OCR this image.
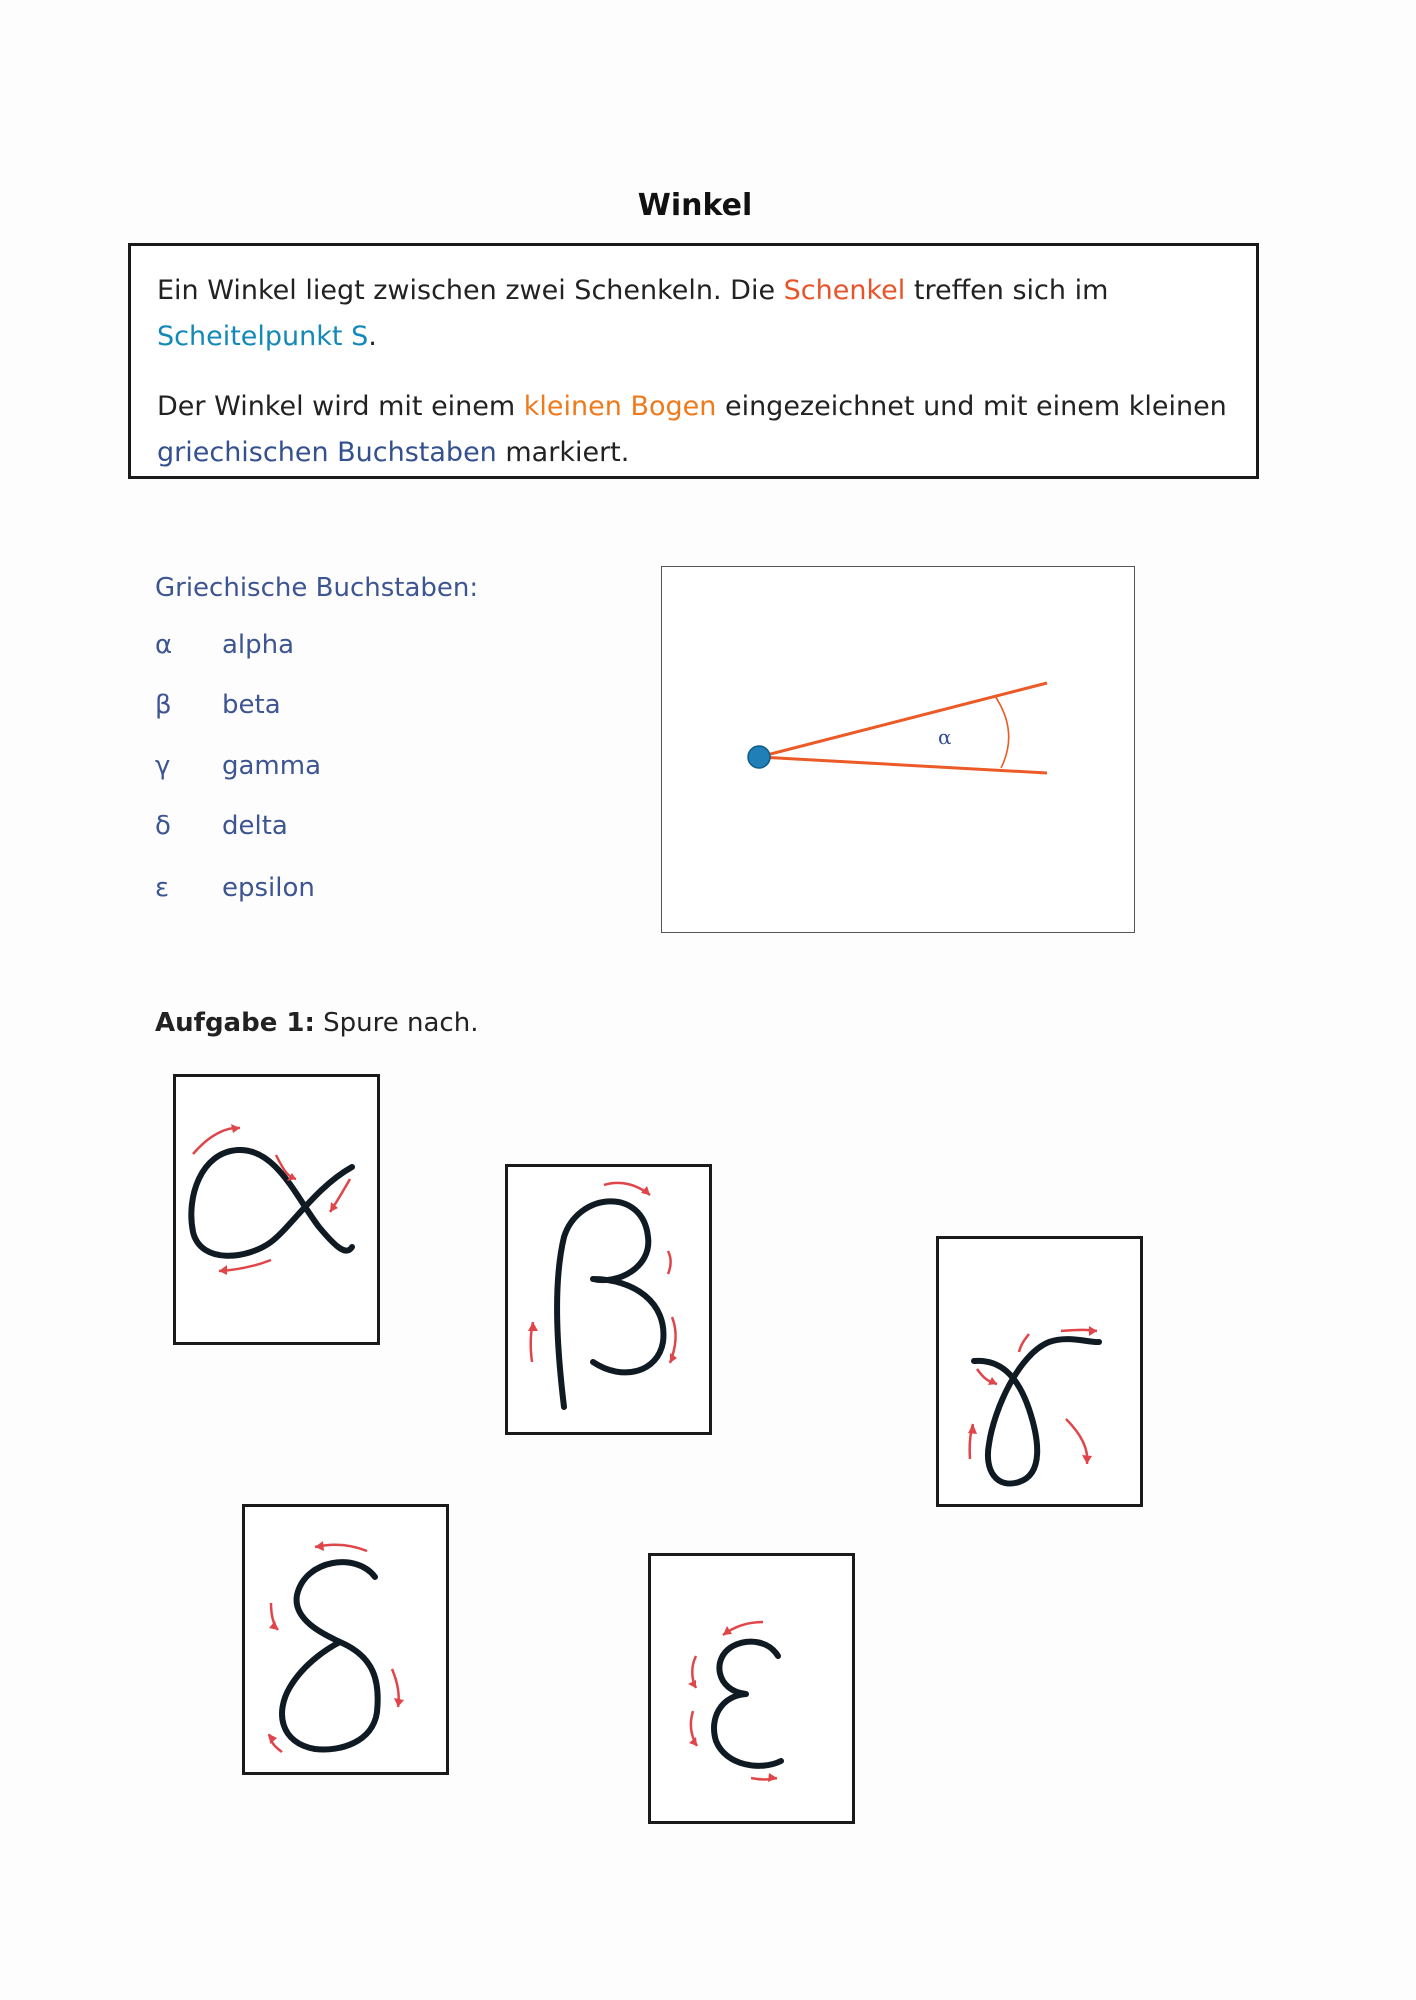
Winkel

Ein Winkel liegt zwischen zwei Schenkeln. Die Schenkel treffen sich im Scheitelpunkt S.

Der Winkel wird mit einem kleinen Bogen eingezeichnet und mit einem kleinen griechischen Buchstaben markiert.

Griechische Buchstaben:
α alpha
β beta
γ gamma
δ delta
ε epsilon
α
Aufgabe 1: Spure nach.
